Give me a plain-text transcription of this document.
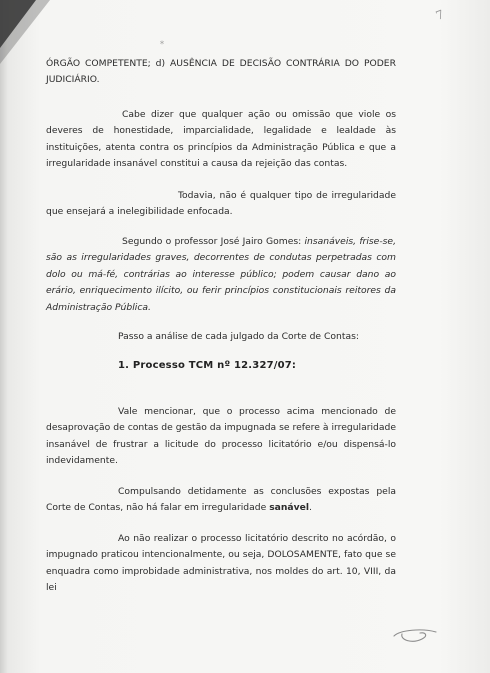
7
*

ÓRGÃO COMPETENTE; d) AUSÊNCIA DE DECISÃO CONTRÁRIA DO PODER JUDICIÁRIO.

Cabe dizer que qualquer ação ou omissão que viole os deveres de honestidade, imparcialidade, legalidade e lealdade às instituições, atenta contra os princípios da Administração Pública e que a irregularidade insanável constitui a causa da rejeição das contas.

Todavia, não é qualquer tipo de irregularidade que ensejará a inelegibilidade enfocada.

Segundo o professor José Jairo Gomes: insanáveis, frise-se, são as irregularidades graves, decorrentes de condutas perpetradas com dolo ou má-fé, contrárias ao interesse público; podem causar dano ao erário, enriquecimento ilícito, ou ferir princípios constitucionais reitores da Administração Pública.

Passo a análise de cada julgado da Corte de Contas:

1. Processo TCM nº 12.327/07:

Vale mencionar, que o processo acima mencionado de desaprovação de contas de gestão da impugnada se refere à irregularidade insanável de frustrar a licitude do processo licitatório e/ou dispensá-lo indevidamente.

Compulsando detidamente as conclusões expostas pela Corte de Contas, não há falar em irregularidade sanável.

Ao não realizar o processo licitatório descrito no acórdão, o impugnado praticou intencionalmente, ou seja, DOLOSAMENTE, fato que se enquadra como improbidade administrativa, nos moldes do art. 10, VIII, da lei
